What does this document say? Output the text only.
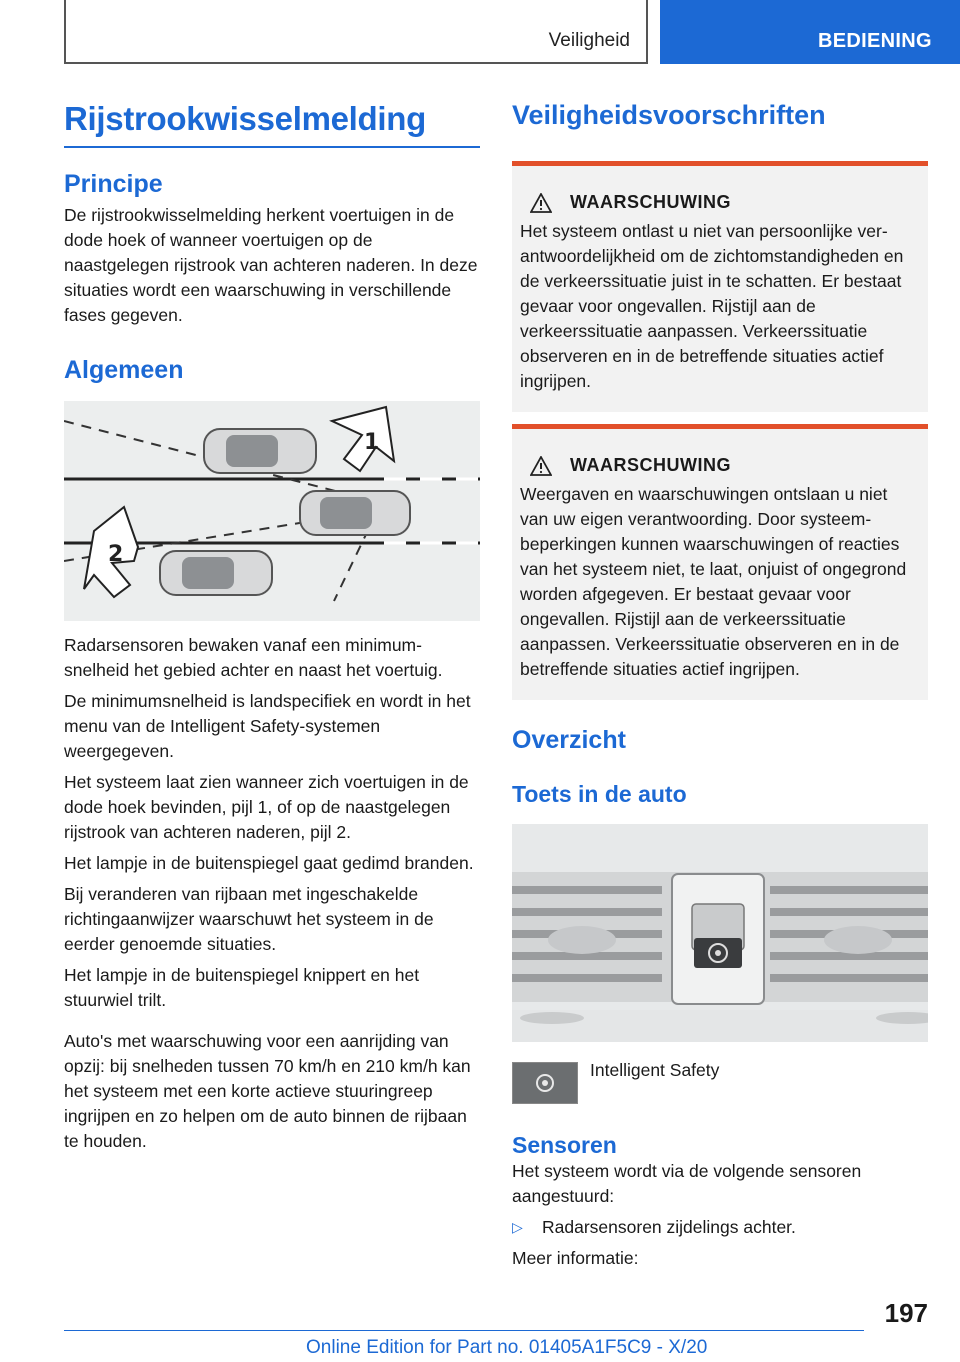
Veiligheid	BEDIENING
Rijstrookwisselmelding
Principe

De rijstrookwisselmelding herkent voertuigen in de dode hoek of wanneer voertuigen op de naastgelegen rijstrook van achteren naderen. In deze situaties wordt een waarschuwing in verschillende fases gegeven.

Algemeen
1
2

Radarsensoren bewaken vanaf een minimumsnelheid het gebied achter en naast het voertuig.

De minimumsnelheid is landspecifiek en wordt in het menu van de Intelligent Safety-systemen weergegeven.

Het systeem laat zien wanneer zich voertuigen in de dode hoek bevinden, pijl 1, of op de naastgelegen rijstrook van achteren naderen, pijl 2.

Het lampje in de buitenspiegel gaat gedimd branden.

Bij veranderen van rijbaan met ingeschakelde richtingaanwijzer waarschuwt het systeem in de eerder genoemde situaties.

Het lampje in de buitenspiegel knippert en het stuurwiel trilt.

Auto's met waarschuwing voor een aanrijding van opzij: bij snelheden tussen 70 km/h en 210 km/h kan het systeem met een korte actieve stuuringreep ingrijpen en zo helpen om de auto binnen de rijbaan te houden.

Veiligheidsvoorschriften
WAARSCHUWING

Het systeem ontlast u niet van persoonlijke verantwoordelijkheid om de zichtomstandigheden en de verkeerssituatie juist in te schatten. Er bestaat gevaar voor ongevallen. Rijstijl aan de verkeerssituatie aanpassen. Verkeerssituatie observeren en in de betreffende situaties actief ingrijpen.

WAARSCHUWING

Weergaven en waarschuwingen ontslaan u niet van uw eigen verantwoording. Door systeembeperkingen kunnen waarschuwingen of reacties van het systeem niet, te laat, onjuist of ongegrond worden afgegeven. Er bestaat gevaar voor ongevallen. Rijstijl aan de verkeerssituatie aanpassen. Verkeerssituatie observeren en in de betreffende situaties actief ingrijpen.

Overzicht
Toets in de auto

Intelligent Safety

Sensoren

Het systeem wordt via de volgende sensoren aangestuurd:

▷	Radarsensoren zijdelings achter.

Meer informatie:

197
Online Edition for Part no. 01405A1F5C9 - X/20
